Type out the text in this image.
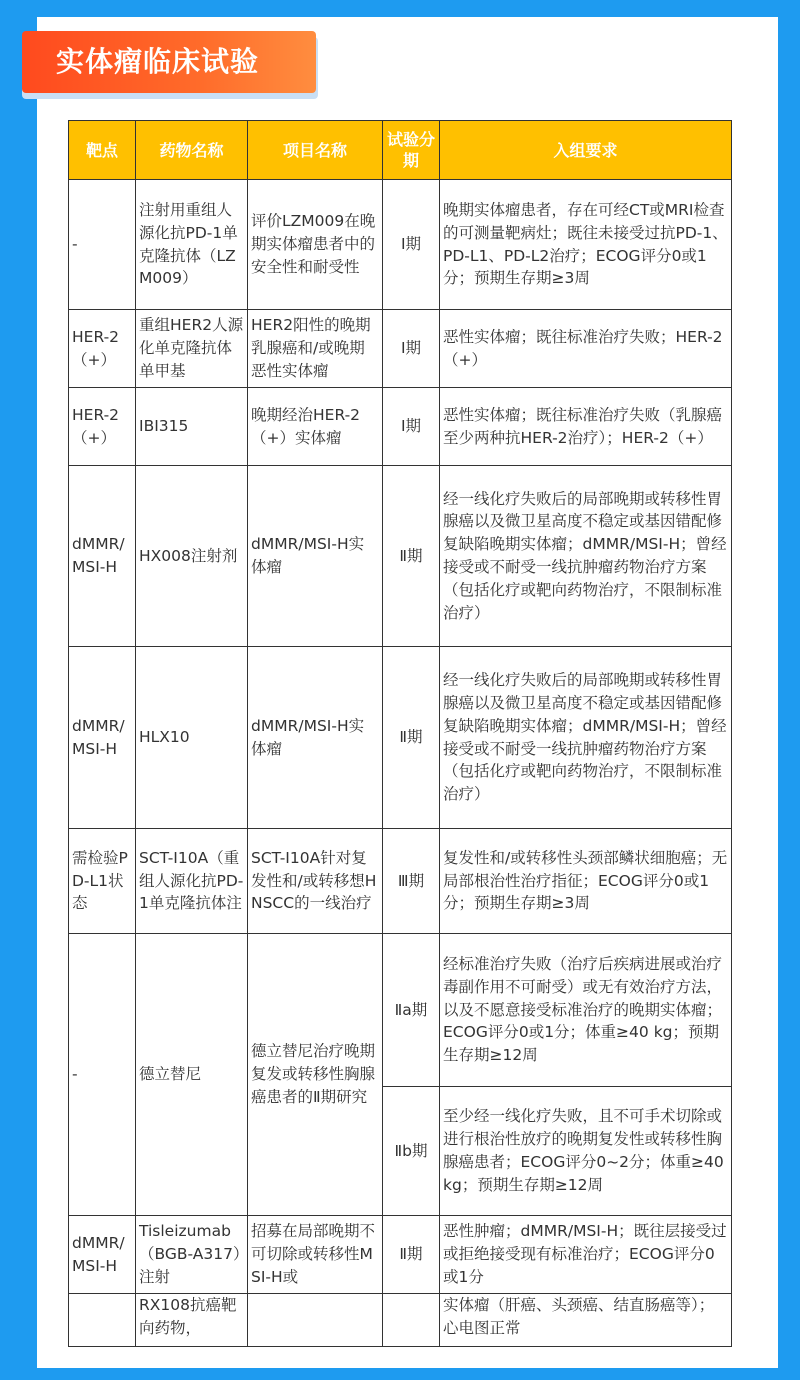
实体瘤临床试验
靶点	药物名称	项目名称	试验分期	入组要求
-	注射用重组人源化抗PD-1单克隆抗体（LZM009）	评价LZM009在晚期实体瘤患者中的安全性和耐受性	Ⅰ期	晚期实体瘤患者，存在可经CT或MRI检查的可测量靶病灶；既往未接受过抗PD-1、PD-L1、PD-L2治疗；ECOG评分0或1分；预期生存期≥3周
HER-2（+）	重组HER2人源化单克隆抗体单甲基	HER2阳性的晚期乳腺癌和/或晚期恶性实体瘤	Ⅰ期	恶性实体瘤；既往标准治疗失败；HER-2（+）
HER-2（+）	IBI315	晚期经治HER-2（+）实体瘤	Ⅰ期	恶性实体瘤；既往标准治疗失败（乳腺癌至少两种抗HER-2治疗）；HER-2（+）
dMMR/MSI-H	HX008注射剂	dMMR/MSI-H实体瘤	Ⅱ期	经一线化疗失败后的局部晚期或转移性胃腺癌以及微卫星高度不稳定或基因错配修复缺陷晚期实体瘤；dMMR/MSI-H；曾经接受或不耐受一线抗肿瘤药物治疗方案（包括化疗或靶向药物治疗，不限制标准治疗）
dMMR/MSI-H	HLX10	dMMR/MSI-H实体瘤	Ⅱ期	经一线化疗失败后的局部晚期或转移性胃腺癌以及微卫星高度不稳定或基因错配修复缺陷晚期实体瘤；dMMR/MSI-H；曾经接受或不耐受一线抗肿瘤药物治疗方案（包括化疗或靶向药物治疗，不限制标准治疗）
需检验PD-L1状态	SCT-I10A（重组人源化抗PD-1单克隆抗体注	SCT-I10A针对复发性和/或转移想HNSCC的一线治疗	Ⅲ期	复发性和/或转移性头颈部鳞状细胞癌；无局部根治性治疗指征；ECOG评分0或1分；预期生存期≥3周
-	德立替尼	德立替尼治疗晚期复发或转移性胸腺癌患者的Ⅱ期研究	Ⅱa期	经标准治疗失败（治疗后疾病进展或治疗毒副作用不可耐受）或无有效治疗方法，以及不愿意接受标准治疗的晚期实体瘤；ECOG评分0或1分；体重≥40 kg；预期生存期≥12周
			Ⅱb期	至少经一线化疗失败，且不可手术切除或进行根治性放疗的晚期复发性或转移性胸腺癌患者；ECOG评分0~2分；体重≥40 kg；预期生存期≥12周
dMMR/MSI-H	Tisleizumab（BGB-A317）注射	招募在局部晚期不可切除或转移性MSI-H或	Ⅱ期	恶性肿瘤；dMMR/MSI-H；既往层接受过或拒绝接受现有标准治疗；ECOG评分0或1分
	RX108抗癌靶向药物，			实体瘤（肝癌、头颈癌、结直肠癌等）；心电图正常
